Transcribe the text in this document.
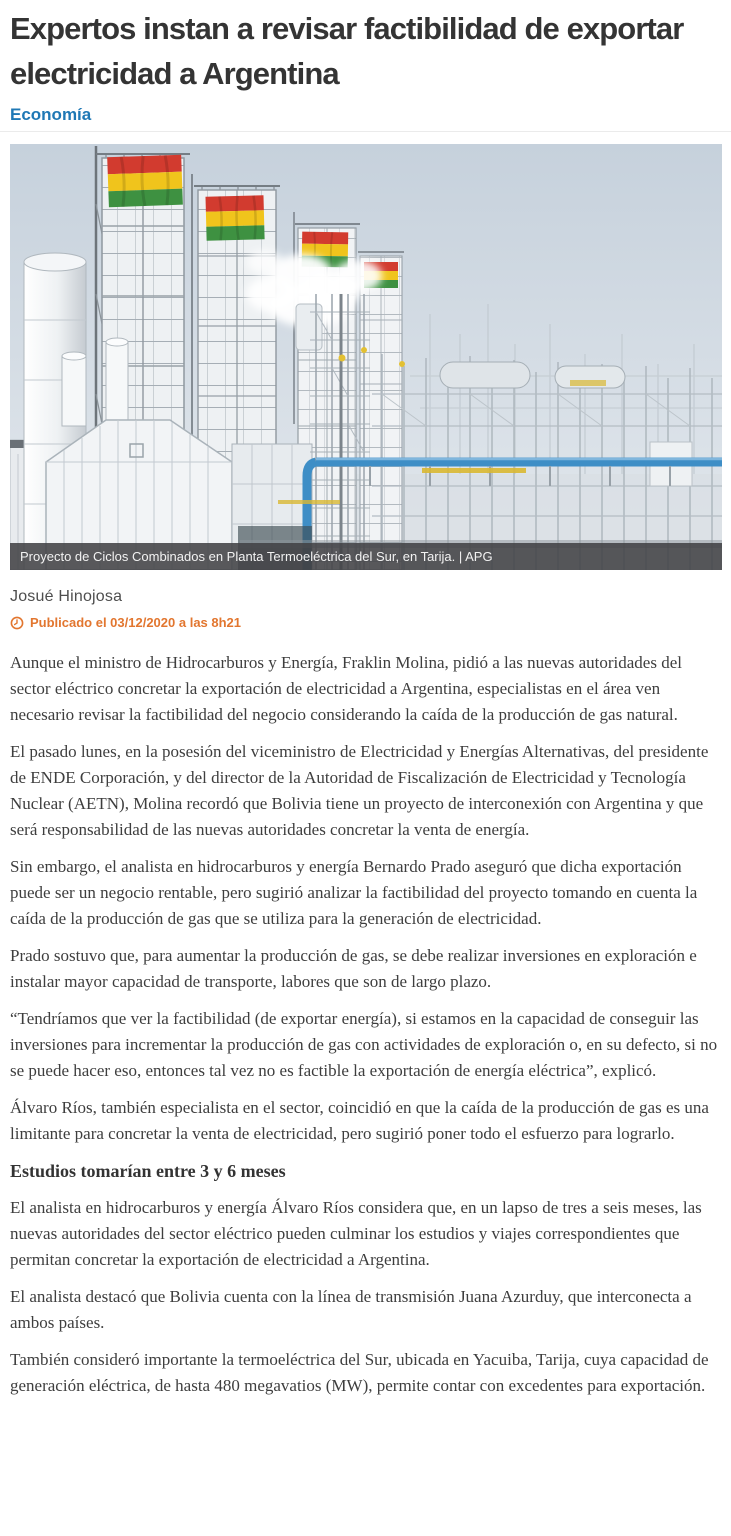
Expertos instan a revisar factibilidad de exportar electricidad a Argentina
Economía
Proyecto de Ciclos Combinados en Planta Termoeléctrica del Sur, en Tarija. | APG
Josué Hinojosa
Publicado el 03/12/2020 a las 8h21

Aunque el ministro de Hidrocarburos y Energía, Fraklin Molina, pidió a las nuevas autoridades del sector eléctrico concretar la exportación de electricidad a Argentina, especialistas en el área ven necesario revisar la factibilidad del negocio considerando la caída de la producción de gas natural.

El pasado lunes, en la posesión del viceministro de Electricidad y Energías Alternativas, del presidente de ENDE Corporación, y del director de la Autoridad de Fiscalización de Electricidad y Tecnología Nuclear (AETN), Molina recordó que Bolivia tiene un proyecto de interconexión con Argentina y que será responsabilidad de las nuevas autoridades concretar la venta de energía.

Sin embargo, el analista en hidrocarburos y energía Bernardo Prado aseguró que dicha exportación puede ser un negocio rentable, pero sugirió analizar la factibilidad del proyecto tomando en cuenta la caída de la producción de gas que se utiliza para la generación de electricidad.

Prado sostuvo que, para aumentar la producción de gas, se debe realizar inversiones en exploración e instalar mayor capacidad de transporte, labores que son de largo plazo.

“Tendríamos que ver la factibilidad (de exportar energía), si estamos en la capacidad de conseguir las inversiones para incrementar la producción de gas con actividades de exploración o, en su defecto, si no se puede hacer eso, entonces tal vez no es factible la exportación de energía eléctrica”, explicó.

Álvaro Ríos, también especialista en el sector, coincidió en que la caída de la producción de gas es una limitante para concretar la venta de electricidad, pero sugirió poner todo el esfuerzo para lograrlo.

Estudios tomarían entre 3 y 6 meses

El analista en hidrocarburos y energía Álvaro Ríos considera que, en un lapso de tres a seis meses, las nuevas autoridades del sector eléctrico pueden culminar los estudios y viajes correspondientes que permitan concretar la exportación de electricidad a Argentina.

El analista destacó que Bolivia cuenta con la línea de transmisión Juana Azurduy, que interconecta a ambos países.

También consideró importante la termoeléctrica del Sur, ubicada en Yacuiba, Tarija, cuya capacidad de generación eléctrica, de hasta 480 megavatios (MW), permite contar con excedentes para exportación.
